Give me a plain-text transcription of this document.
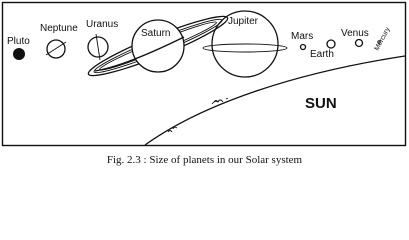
SUN
Pluto
Neptune Uranus
Saturn
Jupiter
Mars
Earth
Venus Mercury
Fig. 2.3 : Size of planets in our Solar system
